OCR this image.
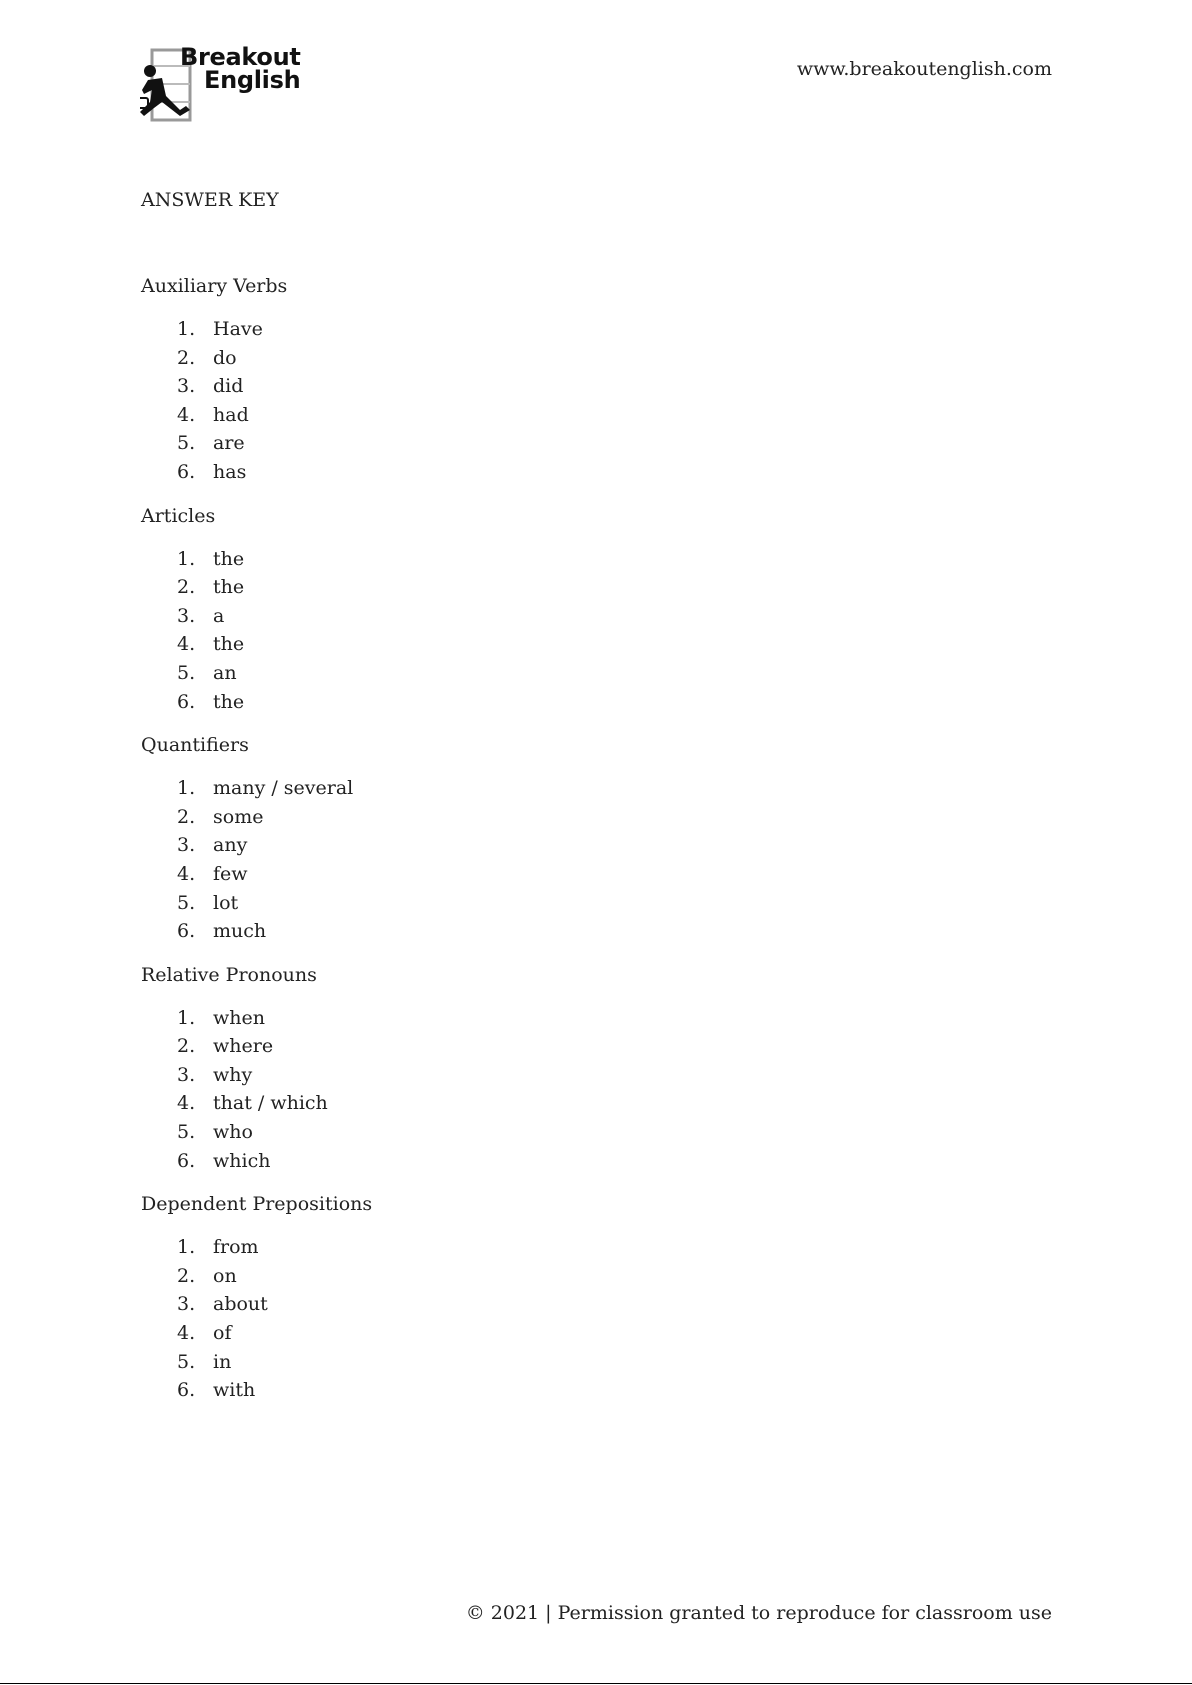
Breakout
English	www.breakoutenglish.com
ANSWER KEY
Auxiliary Verbs
1. Have
2. do
3. did
4. had
5. are
6. has
Articles
1. the
2. the
3. a
4. the
5. an
6. the
Quantifiers
1. many / several
2. some
3. any
4. few
5. lot
6. much
Relative Pronouns
1. when
2. where
3. why
4. that / which
5. who
6. which
Dependent Prepositions
1. from
2. on
3. about
4. of
5. in
6. with
© 2021 | Permission granted to reproduce for classroom use
